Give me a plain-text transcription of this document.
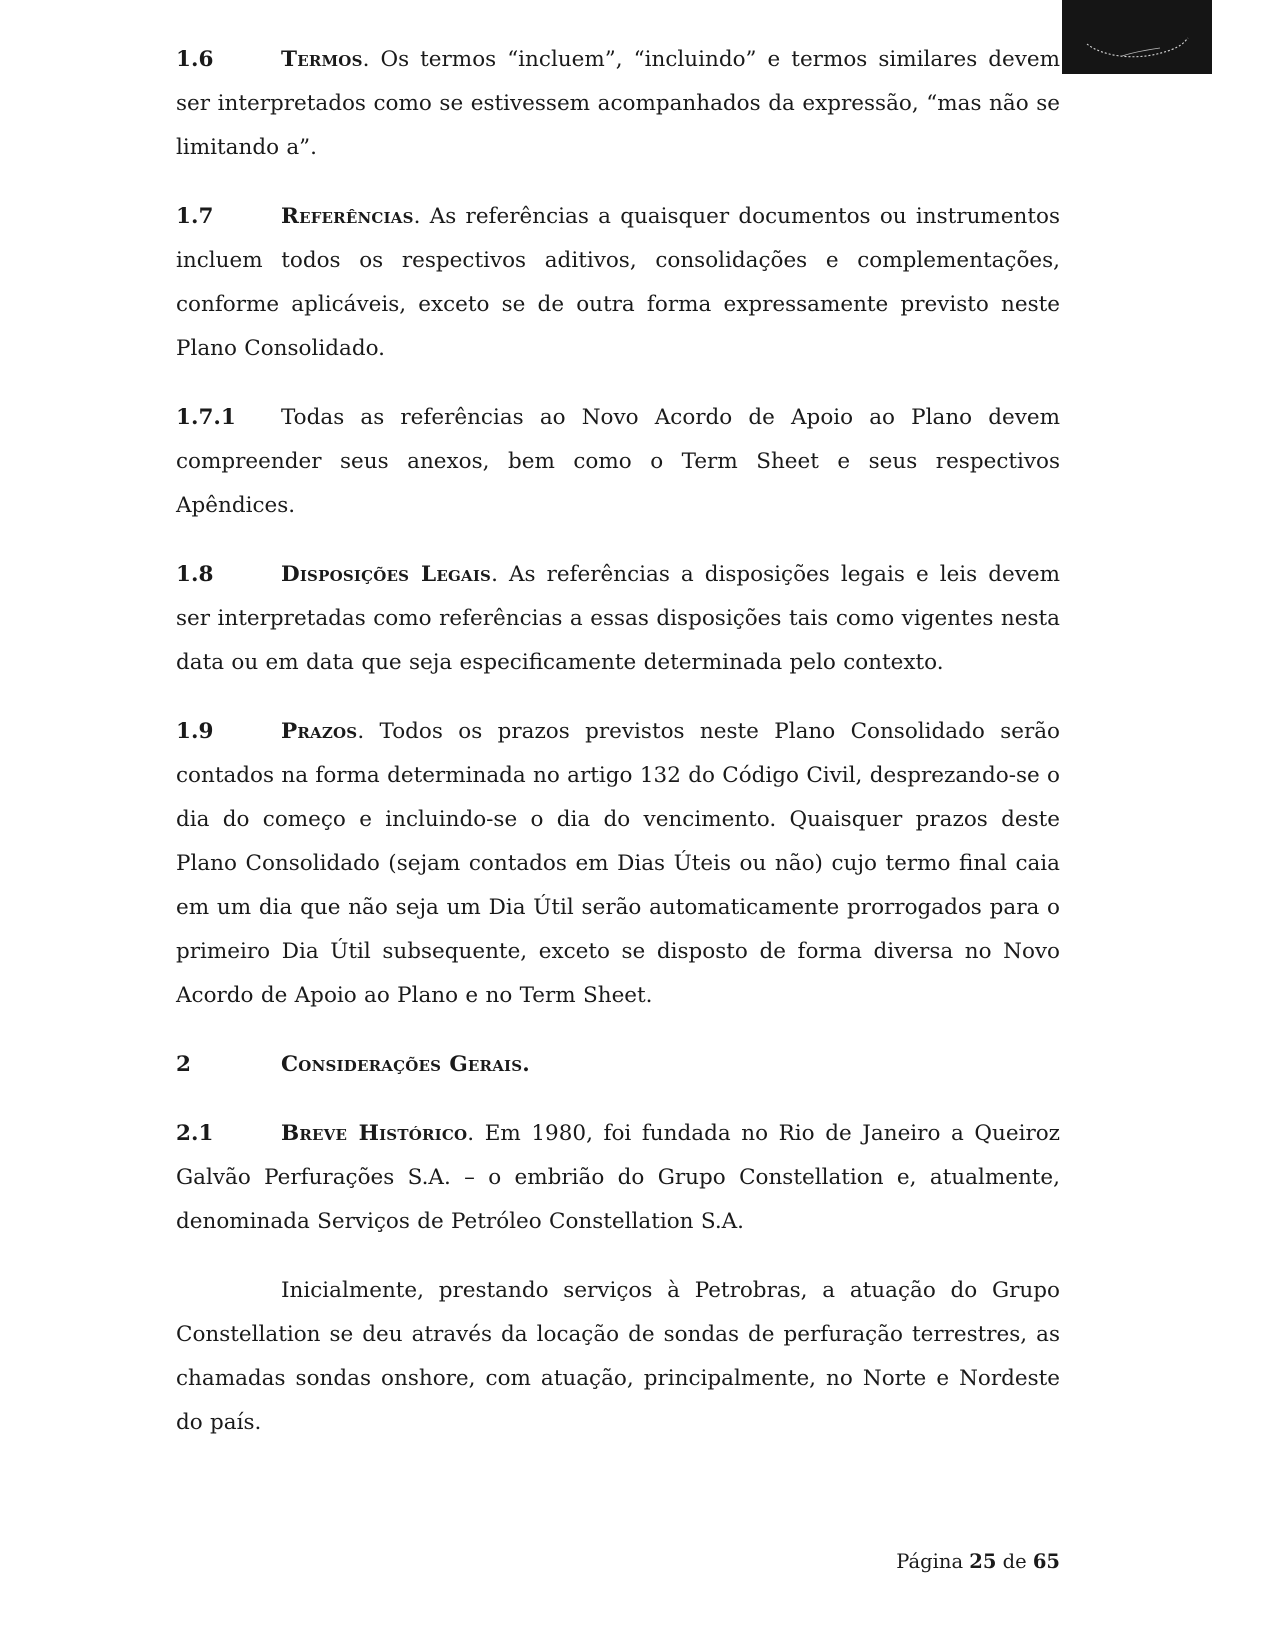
1.6	Termos. Os termos “incluem”, “incluindo” e termos similares devem ser interpretados como se estivessem acompanhados da expressão, “mas não se limitando a”.

1.7	Referências. As referências a quaisquer documentos ou instrumentos incluem todos os respectivos aditivos, consolidações e complementações, conforme aplicáveis, exceto se de outra forma expressamente previsto neste Plano Consolidado.

1.7.1 Todas as referências ao Novo Acordo de Apoio ao Plano devem compreender seus anexos, bem como o Term Sheet e seus respectivos Apêndices.

1.8	Disposições Legais. As referências a disposições legais e leis devem ser interpretadas como referências a essas disposições tais como vigentes nesta data ou em data que seja especificamente determinada pelo contexto.

1.9	Prazos. Todos os prazos previstos neste Plano Consolidado serão contados na forma determinada no artigo 132 do Código Civil, desprezando-se o dia do começo e incluindo-se o dia do vencimento. Quaisquer prazos deste Plano Consolidado (sejam contados em Dias Úteis ou não) cujo termo final caia em um dia que não seja um Dia Útil serão automaticamente prorrogados para o primeiro Dia Útil subsequente, exceto se disposto de forma diversa no Novo Acordo de Apoio ao Plano e no Term Sheet.

2	Considerações Gerais.

2.1	Breve Histórico. Em 1980, foi fundada no Rio de Janeiro a Queiroz Galvão Perfurações S.A. – o embrião do Grupo Constellation e, atualmente, denominada Serviços de Petróleo Constellation S.A.

Inicialmente, prestando serviços à Petrobras, a atuação do Grupo Constellation se deu através da locação de sondas de perfuração terrestres, as chamadas sondas onshore, com atuação, principalmente, no Norte e Nordeste do país.

Página 25 de 65
